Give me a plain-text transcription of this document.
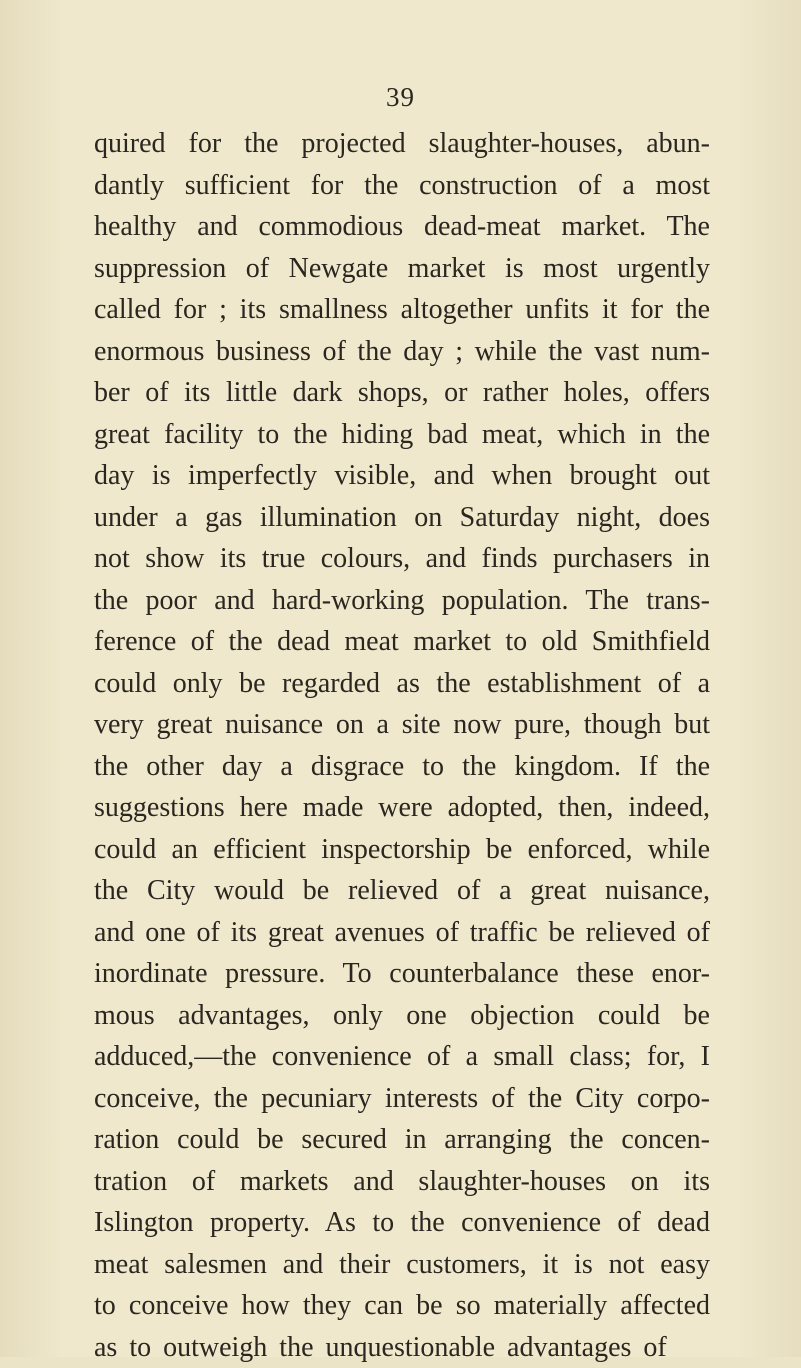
39
quired for the projected slaughter-houses, abun-
dantly sufficient for the construction of a most
healthy and commodious dead-meat market. The
suppression of Newgate market is most urgently
called for ; its smallness altogether unfits it for the
enormous business of the day ; while the vast num-
ber of its little dark shops, or rather holes, offers
great facility to the hiding bad meat, which in the
day is imperfectly visible, and when brought out
under a gas illumination on Saturday night, does
not show its true colours, and finds purchasers in
the poor and hard-working population. The trans-
ference of the dead meat market to old Smithfield
could only be regarded as the establishment of a
very great nuisance on a site now pure, though but
the other day a disgrace to the kingdom. If the
suggestions here made were adopted, then, indeed,
could an efficient inspectorship be enforced, while
the City would be relieved of a great nuisance,
and one of its great avenues of traffic be relieved of
inordinate pressure. To counterbalance these enor-
mous advantages, only one objection could be
adduced,—the convenience of a small class; for, I
conceive, the pecuniary interests of the City corpo-
ration could be secured in arranging the concen-
tration of markets and slaughter-houses on its
Islington property. As to the convenience of dead
meat salesmen and their customers, it is not easy
to conceive how they can be so materially affected
as to outweigh the unquestionable advantages of
